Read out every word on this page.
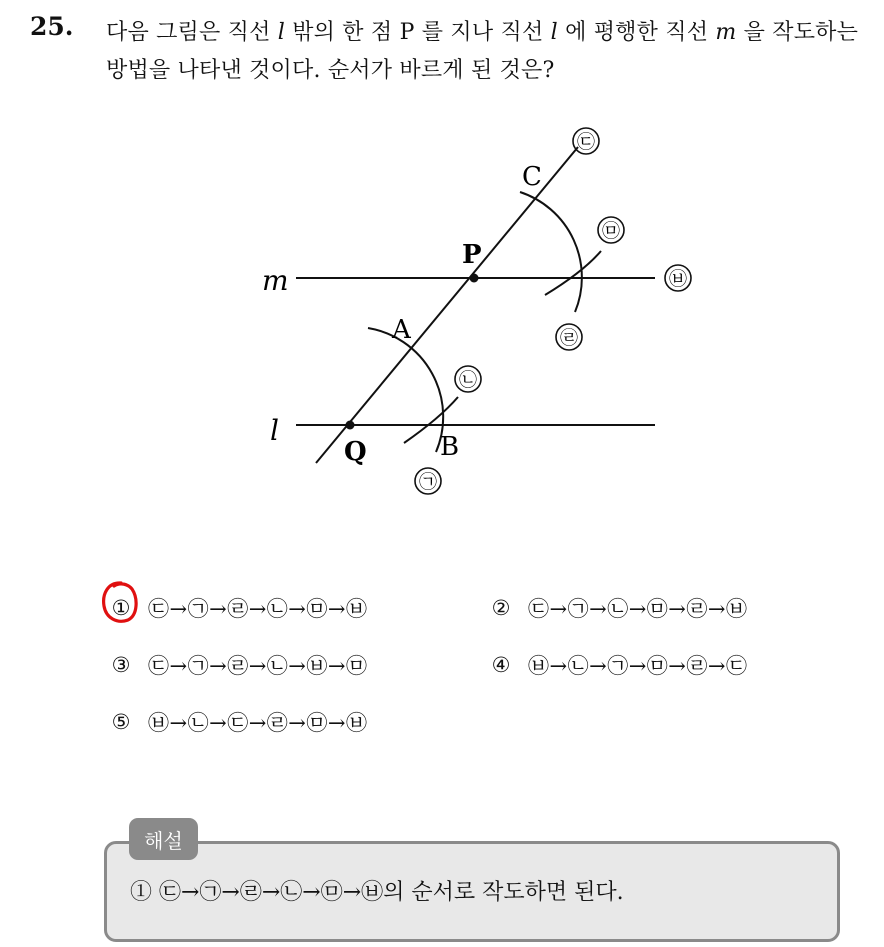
25. 다음 그림은 직선 l 밖의 한 점 P 를 지나 직선 l 에 평행한 직선 m 을 작도하는 방법을 나타낸 것이다. 순서가 바르게 된 것은?
m
l
C
P
A
Q	B
㉠
㉡
㉢
㉣
㉤
㉥
① ㉢→㉠→㉣→㉡→㉤→㉥	② ㉢→㉠→㉡→㉤→㉣→㉥
③ ㉢→㉠→㉣→㉡→㉥→㉤	④ ㉥→㉡→㉠→㉤→㉣→㉢
⑤ ㉥→㉡→㉢→㉣→㉤→㉥
해설
① ㉢→㉠→㉣→㉡→㉤→㉥의 순서로 작도하면 된다.
